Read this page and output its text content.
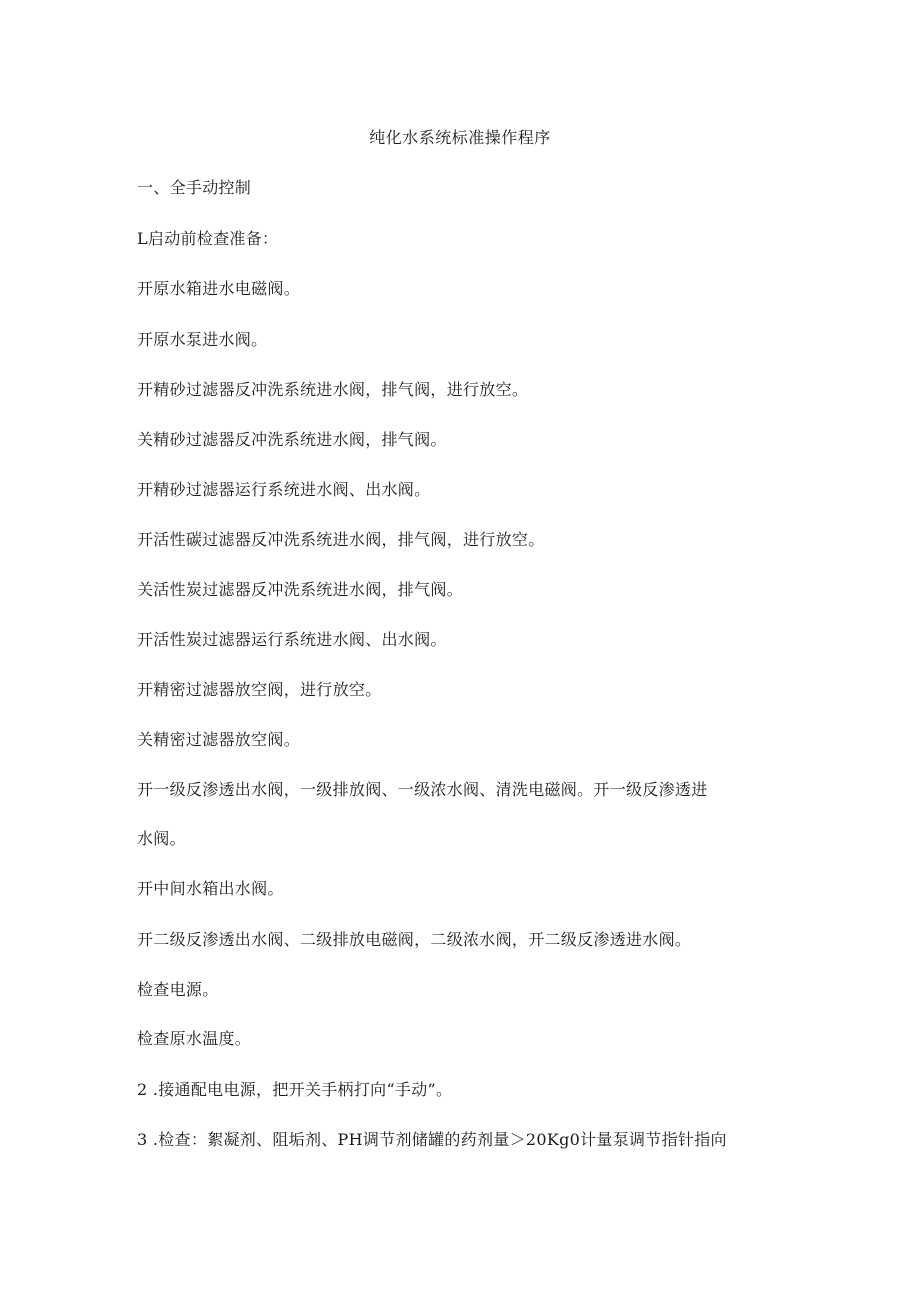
纯化水系统标准操作程序
一、全手动控制
L启动前检查准备：
开原水箱进水电磁阀。
开原水泵进水阀。
开精砂过滤器反冲洗系统进水阀，排气阀，进行放空。
关精砂过滤器反冲洗系统进水阀，排气阀。
开精砂过滤器运行系统进水阀、出水阀。
开活性碳过滤器反冲洗系统进水阀，排气阀，进行放空。
关活性炭过滤器反冲洗系统进水阀，排气阀。
开活性炭过滤器运行系统进水阀、出水阀。
开精密过滤器放空阀，进行放空。
关精密过滤器放空阀。
开一级反渗透出水阀，一级排放阀、一级浓水阀、清洗电磁阀。开一级反渗透进
水阀。
开中间水箱出水阀。
开二级反渗透出水阀、二级排放电磁阀，二级浓水阀，开二级反渗透进水阀。
检查电源。
检查原水温度。
2 .接通配电电源，把开关手柄打向“手动”。
3 .检查：絮凝剂、阻垢剂、PH调节剂储罐的药剂量＞20Kg0计量泵调节指针指向
